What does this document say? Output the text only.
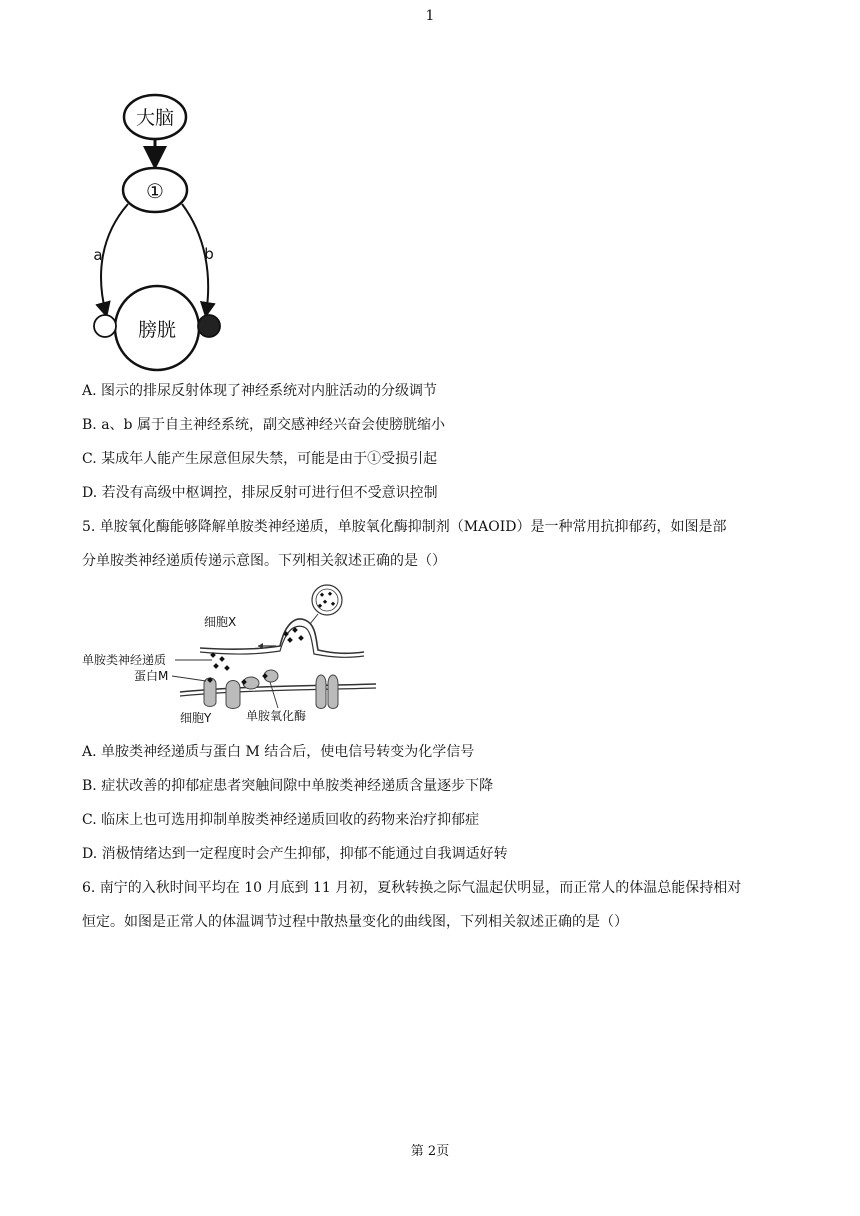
1
大脑
①
a	b
膀胱
A. 图示的排尿反射体现了神经系统对内脏活动的分级调节
B. a、b 属于自主神经系统，副交感神经兴奋会使膀胱缩小
C. 某成年人能产生尿意但尿失禁，可能是由于①受损引起
D. 若没有高级中枢调控，排尿反射可进行但不受意识控制
5. 单胺氧化酶能够降解单胺类神经递质，单胺氧化酶抑制剂（MAOID）是一种常用抗抑郁药，如图是部
分单胺类神经递质传递示意图。下列相关叙述正确的是（）
细胞X
单胺类神经递质
蛋白M
细胞Y	单胺氧化酶
A. 单胺类神经递质与蛋白 M 结合后，使电信号转变为化学信号
B. 症状改善的抑郁症患者突触间隙中单胺类神经递质含量逐步下降
C. 临床上也可选用抑制单胺类神经递质回收的药物来治疗抑郁症
D. 消极情绪达到一定程度时会产生抑郁，抑郁不能通过自我调适好转
6. 南宁的入秋时间平均在 10 月底到 11 月初，夏秋转换之际气温起伏明显，而正常人的体温总能保持相对
恒定。如图是正常人的体温调节过程中散热量变化的曲线图，下列相关叙述正确的是（）
第 2页
